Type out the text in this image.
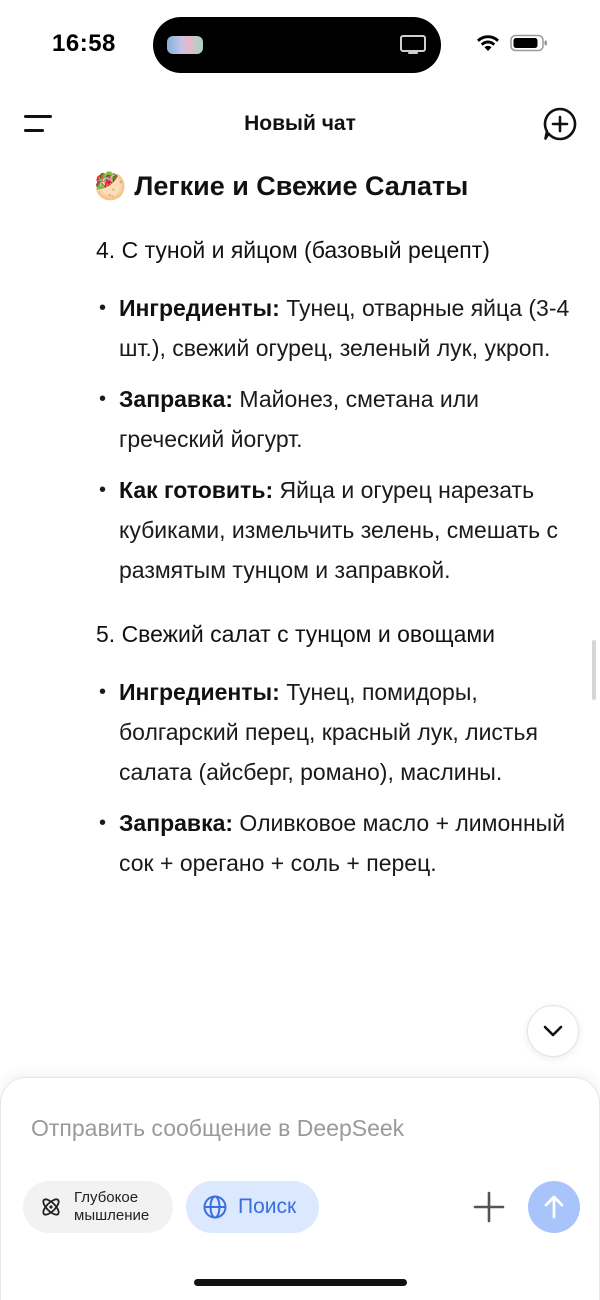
16:58
Новый чат
🥙 Легкие и Свежие Салаты
4. С туной и яйцом (базовый рецепт)
• Ингредиенты: Тунец, отварные яйца (3-4 шт.), свежий огурец, зеленый лук, укроп.
• Заправка: Майонез, сметана или греческий йогурт.
• Как готовить: Яйца и огурец нарезать кубиками, измельчить зелень, смешать с размятым тунцом и заправкой.
5. Свежий салат с тунцом и овощами
• Ингредиенты: Тунец, помидоры, болгарский перец, красный лук, листья салата (айсберг, романо), маслины.
• Заправка: Оливковое масло + лимонный сок + орегано + соль + перец.
Отправить сообщение в DeepSeek
Глубокое
мышление	Поиск
